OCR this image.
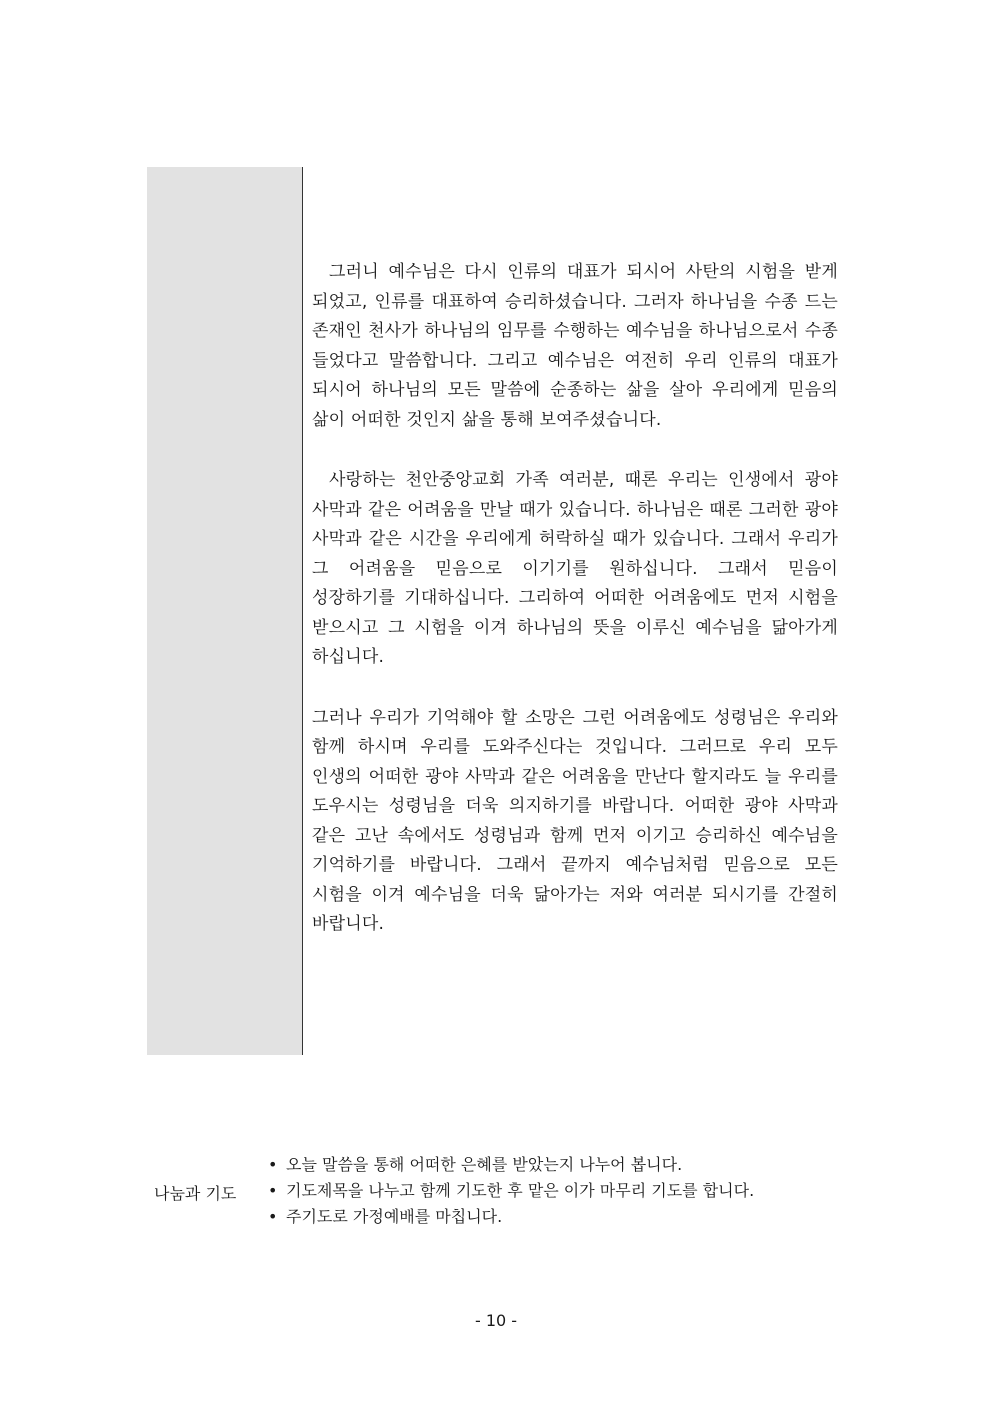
그러니 예수님은 다시 인류의 대표가 되시어 사탄의 시험을 받게 되었고, 인류를 대표하여 승리하셨습니다. 그러자 하나님을 수종 드는 존재인 천사가 하나님의 임무를 수행하는 예수님을 하나님으로서 수종 들었다고 말씀합니다. 그리고 예수님은 여전히 우리 인류의 대표가 되시어 하나님의 모든 말씀에 순종하는 삶을 살아 우리에게 믿음의 삶이 어떠한 것인지 삶을 통해 보여주셨습니다.

사랑하는 천안중앙교회 가족 여러분, 때론 우리는 인생에서 광야 사막과 같은 어려움을 만날 때가 있습니다. 하나님은 때론 그러한 광야 사막과 같은 시간을 우리에게 허락하실 때가 있습니다. 그래서 우리가 그 어려움을 믿음으로 이기기를 원하십니다. 그래서 믿음이 성장하기를 기대하십니다. 그리하여 어떠한 어려움에도 먼저 시험을 받으시고 그 시험을 이겨 하나님의 뜻을 이루신 예수님을 닮아가게 하십니다.

그러나 우리가 기억해야 할 소망은 그런 어려움에도 성령님은 우리와 함께 하시며 우리를 도와주신다는 것입니다. 그러므로 우리 모두 인생의 어떠한 광야 사막과 같은 어려움을 만난다 할지라도 늘 우리를 도우시는 성령님을 더욱 의지하기를 바랍니다. 어떠한 광야 사막과 같은 고난 속에서도 성령님과 함께 먼저 이기고 승리하신 예수님을 기억하기를 바랍니다. 그래서 끝까지 예수님처럼 믿음으로 모든 시험을 이겨 예수님을 더욱 닮아가는 저와 여러분 되시기를 간절히 바랍니다.

나눔과 기도
• 오늘 말씀을 통해 어떠한 은혜를 받았는지 나누어 봅니다.
• 기도제목을 나누고 함께 기도한 후 맡은 이가 마무리 기도를 합니다.
• 주기도로 가정예배를 마칩니다.
- 10 -
